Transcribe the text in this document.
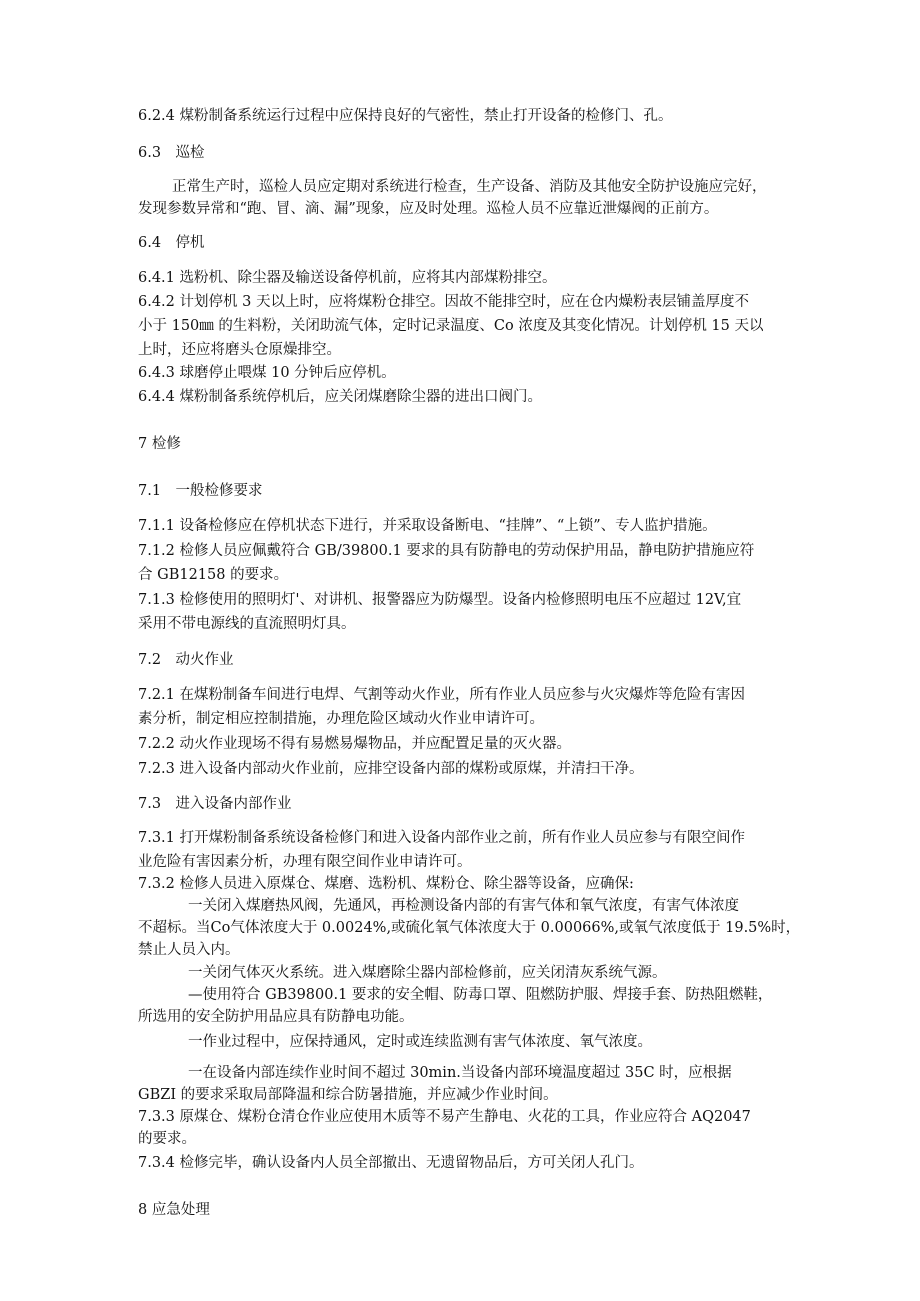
6.2.4 煤粉制备系统运行过程中应保持良好的气密性，禁止打开设备的检修门、孔。
6.3　巡检
正常生产时，巡检人员应定期对系统进行检查，生产设备、消防及其他安全防护设施应完好，
发现参数异常和“跑、冒、滴、漏”现象，应及时处理。巡检人员不应靠近泄爆阀的正前方。
6.4　停机
6.4.1 选粉机、除尘器及输送设备停机前，应将其内部煤粉排空。
6.4.2 计划停机 3 天以上时，应将煤粉仓排空。因故不能排空时，应在仓内燥粉表层铺盖厚度不
小于 150㎜ 的生料粉，关闭助流气体，定时记录温度、Co 浓度及其变化情况。计划停机 15 天以
上时，还应将磨头仓原燥排空。
6.4.3 球磨停止喂煤 10 分钟后应停机。
6.4.4 煤粉制备系统停机后，应关闭煤磨除尘器的进出口阀门。
7 检修
7.1　一般检修要求
7.1.1 设备检修应在停机状态下进行，并采取设备断电、“挂牌”、“上锁”、专人监护措施。
7.1.2 检修人员应佩戴符合 GB/39800.1 要求的具有防静电的劳动保护用品，静电防护措施应符
合 GB12158 的要求。
7.1.3 检修使用的照明灯'、对讲机、报警器应为防爆型。设备内检修照明电压不应超过 12V,宜
采用不带电源线的直流照明灯具。
7.2　动火作业
7.2.1 在煤粉制备车间进行电焊、气割等动火作业，所有作业人员应参与火灾爆炸等危险有害因
素分析，制定相应控制措施，办理危险区域动火作业申请许可。
7.2.2 动火作业现场不得有易燃易爆物品，并应配置足量的灭火器。
7.2.3 进入设备内部动火作业前，应排空设备内部的煤粉或原煤，并清扫干净。
7.3　进入设备内部作业
7.3.1 打开煤粉制备系统设备检修门和进入设备内部作业之前，所有作业人员应参与有限空间作
业危险有害因素分析，办理有限空间作业申请许可。
7.3.2 检修人员进入原煤仓、煤磨、选粉机、煤粉仓、除尘器等设备，应确保:
一关闭入煤磨热风阀，先通风，再检测设备内部的有害气体和氧气浓度，有害气体浓度
不超标。当Co气体浓度大于 0.0024%,或硫化氧气体浓度大于 0.00066%,或氧气浓度低于 19.5%时，
禁止人员入内。
一关闭气体灭火系统。进入煤磨除尘器内部检修前，应关闭清灰系统气源。
—使用符合 GB39800.1 要求的安全帽、防毒口罩、阻燃防护服、焊接手套、防热阻燃鞋，
所选用的安全防护用品应具有防静电功能。
一作业过程中，应保持通风，定时或连续监测有害气体浓度、氧气浓度。
一在设备内部连续作业时间不超过 30min.当设备内部环境温度超过 35C 时，应根据
GBZI 的要求采取局部降温和综合防暑措施，并应减少作业时间。
7.3.3 原煤仓、煤粉仓清仓作业应使用木质等不易产生静电、火花的工具，作业应符合 AQ2047
的要求。
7.3.4 检修完毕，确认设备内人员全部撤出、无遗留物品后，方可关闭人孔门。
8 应急处理
